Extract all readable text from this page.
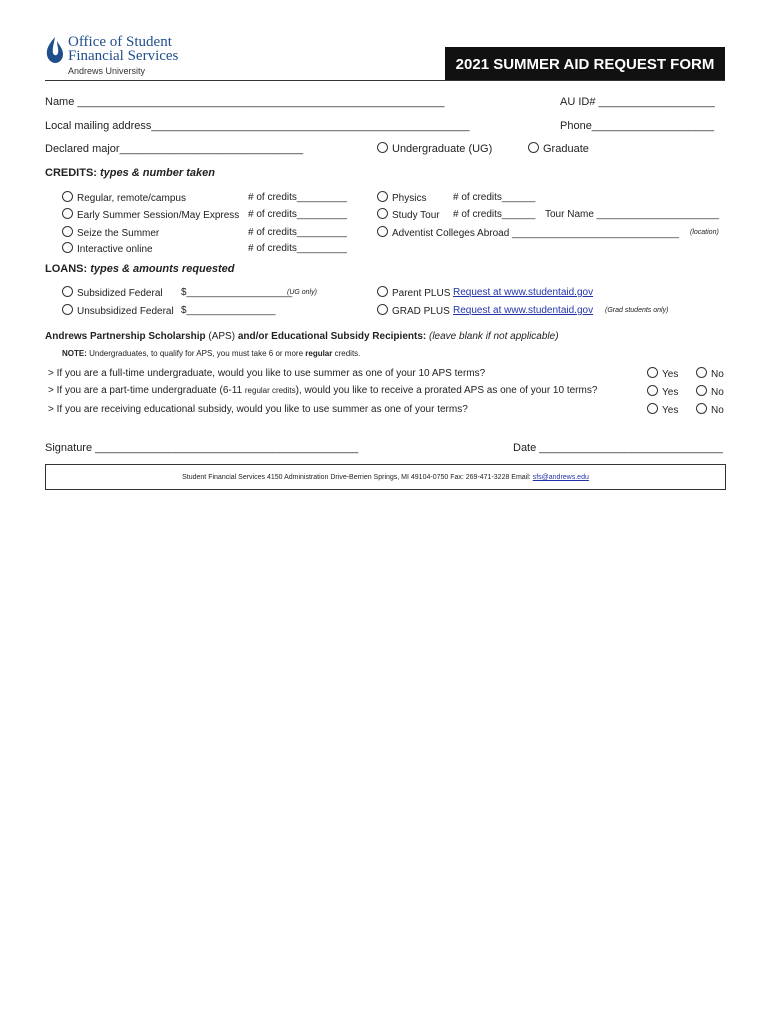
Office of Student
Financial Services
Andrews University	2021 SUMMER AID REQUEST FORM
Name ____________________________________________________________	AU ID# ___________________
Local mailing address____________________________________________________	Phone____________________
Declared major______________________________	Undergraduate (UG)	Graduate
CREDITS: types & number taken
Regular, remote/campus	# of credits_________
Early Summer Session/May Express # of credits_________
Seize the Summer	# of credits_________
Interactive online	# of credits_________
Physics	# of credits______
Study Tour # of credits______ Tour Name ______________________
Adventist Colleges Abroad ______________________________ (location)
LOANS: types & amounts requested
Subsidized Federal $___________________
(UG only)
Unsubsidized Federal $________________
Parent PLUS Request at www.studentaid.gov
GRAD PLUS Request at www.studentaid.gov (Grad students only)
Andrews Partnership Scholarship (APS) and/or Educational Subsidy Recipients: (leave blank if not applicable)
NOTE: Undergraduates, to qualify for APS, you must take 6 or more regular credits.
> If you are a full-time undergraduate, would you like to use summer as one of your 10 APS terms?	Yes	No
> If you are a part-time undergraduate (6-11 regular credits), would you like to receive a prorated APS as one of your 10 terms?	Yes	No
> If you are receiving educational subsidy, would you like to use summer as one of your terms?	Yes	No
Signature ___________________________________________	Date ______________________________
Student Financial Services 4150 Administration Drive-Berrien Springs, MI 49104-0750 Fax: 269-471-3228 Email:
sfs@andrews.edu
